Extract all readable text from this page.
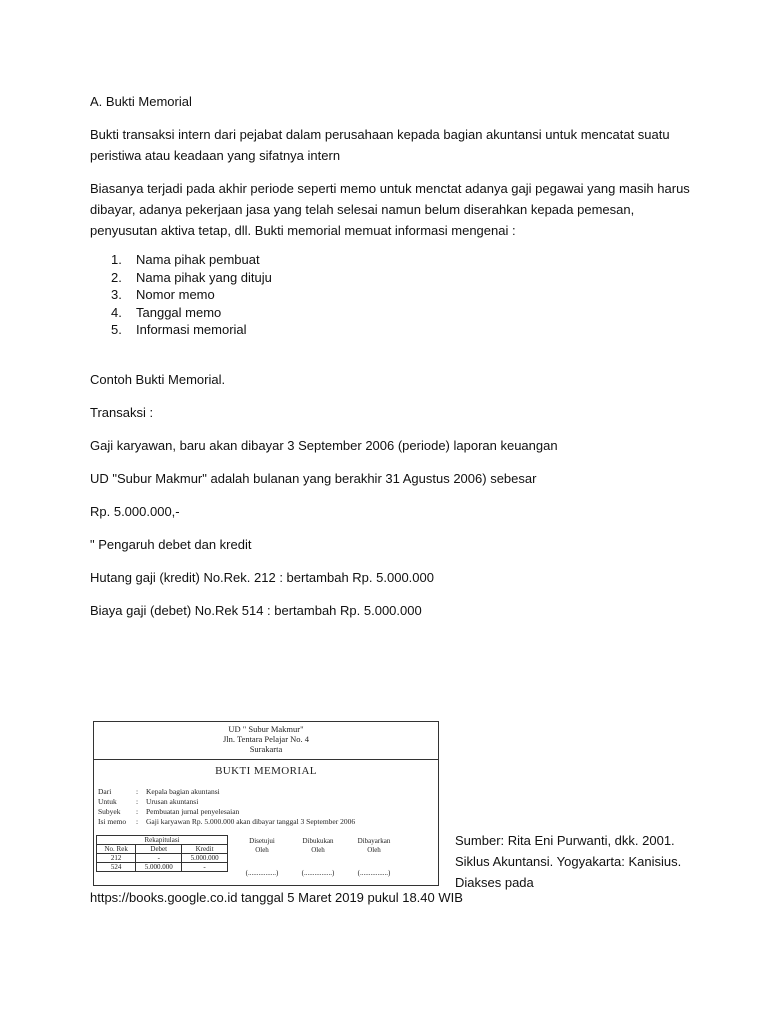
A. Bukti Memorial
Bukti transaksi intern dari pejabat dalam perusahaan kepada bagian akuntansi untuk mencatat suatu peristiwa atau keadaan yang sifatnya intern
Biasanya terjadi pada akhir periode seperti memo untuk menctat adanya gaji pegawai yang masih harus dibayar, adanya pekerjaan jasa yang telah selesai namun belum diserahkan kepada pemesan, penyusutan aktiva tetap, dll. Bukti memorial memuat informasi mengenai :
1. Nama pihak pembuat
2. Nama pihak yang dituju
3. Nomor memo
4. Tanggal memo
5. Informasi memorial
Contoh Bukti Memorial.
Transaksi :
Gaji karyawan, baru akan dibayar 3 September 2006 (periode) laporan keuangan
UD "Subur Makmur" adalah bulanan yang berakhir 31 Agustus 2006) sebesar
Rp. 5.000.000,-
" Pengaruh debet dan kredit
Hutang gaji (kredit) No.Rek. 212 : bertambah Rp. 5.000.000
Biaya gaji (debet) No.Rek 514 : bertambah Rp. 5.000.000
UD " Subur Makmur"
Jln. Tentara Pelajar No. 4
Surakarta
BUKTI MEMORIAL
Dari	: Kepala bagian akuntansi
Untuk	: Urusan akuntansi
Subyek : Pembuatan jurnal penyelesaian
Isi memo : Gaji karyawan Rp. 5.000.000 akan dibayar tanggal 3 September 2006
Rekapitulasi		
No. Rek	Debet	Kredit
212	-	5.000.000
524	5.000.000	-
Disetujui
Oleh
(................)
Dibukukan
Oleh
(................)
Dibayarkan
Oleh
(................)
Sumber: Rita Eni Purwanti, dkk. 2001. Siklus Akuntansi. Yogyakarta: Kanisius. Diakses pada
https://books.google.co.id tanggal 5 Maret 2019 pukul 18.40 WIB
